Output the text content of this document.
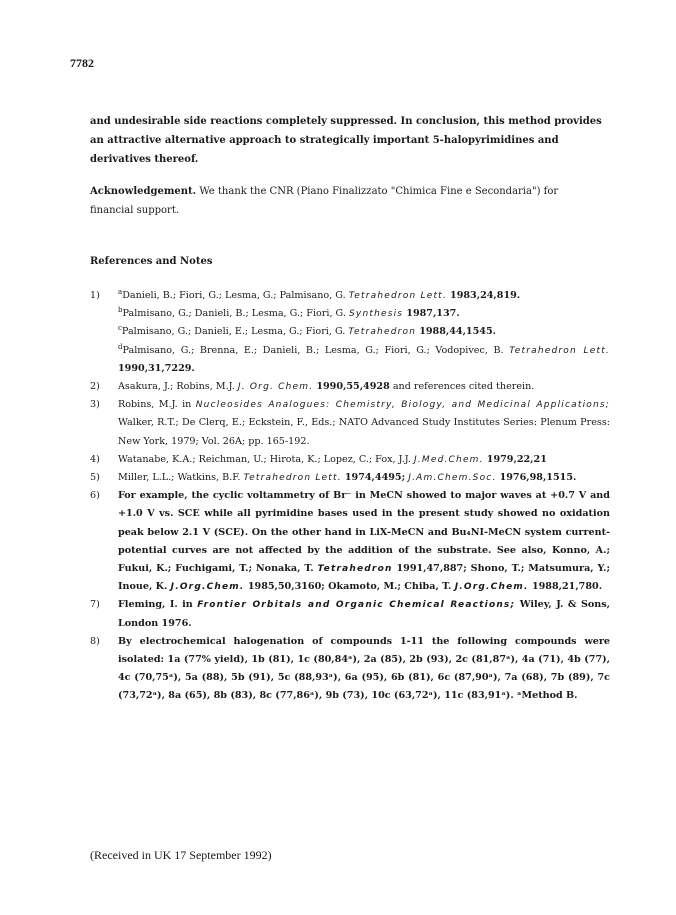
7782
and undesirable side reactions completely suppressed. In conclusion, this method provides an attractive alternative approach to strategically important 5-halopyrimidines and derivatives thereof.
Acknowledgement. We thank the CNR (Piano Finalizzato "Chimica Fine e Secondaria") for financial support.
References and Notes
1)	$^a$Danieli, B.; Fiori, G.; Lesma, G.; Palmisano, G. Tetrahedron Lett. 1983,24,819.
$^b$Palmisano, G.; Danieli, B.; Lesma, G.; Fiori, G. Synthesis 1987,137.
$^c$Palmisano, G.; Danieli, E.; Lesma, G.; Fiori, G. Tetrahedron 1988,44,1545.
$^d$Palmisano, G.; Brenna, E.; Danieli, B.; Lesma, G.; Fiori, G.; Vodopivec, B. Tetrahedron Lett. 1990,31,7229.
2)	Asakura, J.; Robins, M.J. J. Org. Chem. 1990,55,4928 and references cited therein.
3)	Robins, M.J. in Nucleosides Analogues: Chemistry, Biology, and Medicinal Applications; Walker, R.T.; De Clerq, E.; Eckstein, F., Eds.; NATO Advanced Study Institutes Series: Plenum Press: New York, 1979; Vol. 26A; pp. 165-192.
4)	Watanabe, K.A.; Reichman, U.; Hirota, K.; Lopez, C.; Fox, J.J. J.Med.Chem. 1979,22,21
5)	Miller, L.L.; Watkins, B.F. Tetrahedron Lett. 1974,4495; J.Am.Chem.Soc. 1976,98,1515.
6)	For example, the cyclic voltammetry of Br⁻ in MeCN showed to major waves at +0.7 V and +1.0 V vs. SCE while all pyrimidine bases used in the present study showed no oxidation peak below 2.1 V (SCE). On the other hand in LiX-MeCN and Bu₄NI-MeCN system current-potential curves are not affected by the addition of the substrate. See also, Konno, A.; Fukui, K.; Fuchigami, T.; Nonaka, T. Tetrahedron 1991,47,887; Shono, T.; Matsumura, Y.; Inoue, K. J.Org.Chem. 1985,50,3160; Okamoto, M.; Chiba, T. J.Org.Chem. 1988,21,780.
7)	Fleming, I. in Frontier Orbitals and Organic Chemical Reactions; Wiley, J. & Sons, London 1976.
8)	By electrochemical halogenation of compounds 1-11 the following compounds were isolated: 1a (77% yield), 1b (81), 1c (80,84ᵃ), 2a (85), 2b (93), 2c (81,87ᵃ), 4a (71), 4b (77), 4c (70,75ᵃ), 5a (88), 5b (91), 5c (88,93ᵃ), 6a (95), 6b (81), 6c (87,90ᵃ), 7a (68), 7b (89), 7c (73,72ᵃ), 8a (65), 8b (83), 8c (77,86ᵃ), 9b (73), 10c (63,72ᵃ), 11c (83,91ᵃ). ᵃMethod B.
(Received in UK 17 September 1992)
